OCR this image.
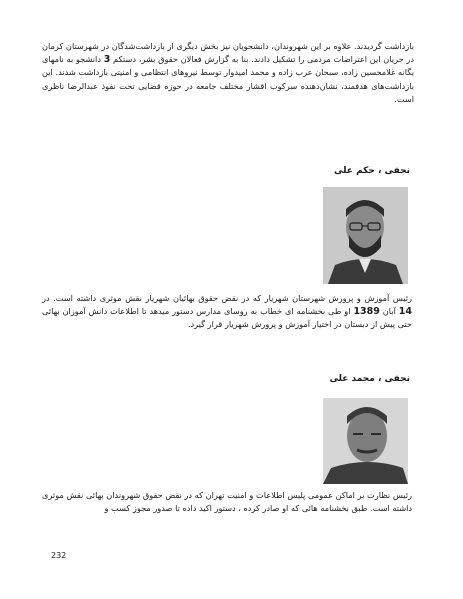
بازداشت گردیدند. علاوه بر این شهروندان، دانشجویان نیز بخش دیگری از بازداشت‌شدگان در شهرستان کرمان در جریان این اعتراضات مردمی را تشکیل دادند. بنا به گزارش فعالان حقوق بشر، دستکم 3 دانشجو به نامهای یگانه غلامحسین زاده، سبحان عرب زاده و محمد امیدوار توسط نیروهای انتظامی و امنیتی بازداشت شدند. این بازداشت‌های هدفمند، نشان‌دهنده سرکوب اقشار مختلف جامعه در حوزه قضایی تحت نفوذ عبدالرضا ناظری است.
نجفی ، حکم علی
رئیس آموزش و پرورش شهرستان شهریار که در نقض حقوق بهائیان شهریار نقش موثری داشته است. در 14 آبان 1389 او طی بخشنامه ای خطاب به روسای مدارس دستور میدهد تا اطلاعات دانش آموزان بهائی حتی پیش از دبستان در اختیار آموزش و پرورش شهریار قرار گیرد.
نجفی ، محمد علی
رئیس نظارت بر اماکن عمومی پلیس اطلاعات و امنیت تهران که در نقض حقوق شهروندان بهائی نقش موثری داشته است. طبق بخشنامه هائی که او صادر کرده ، دستور اکید داده تا صدور مجوز کسب و
232
